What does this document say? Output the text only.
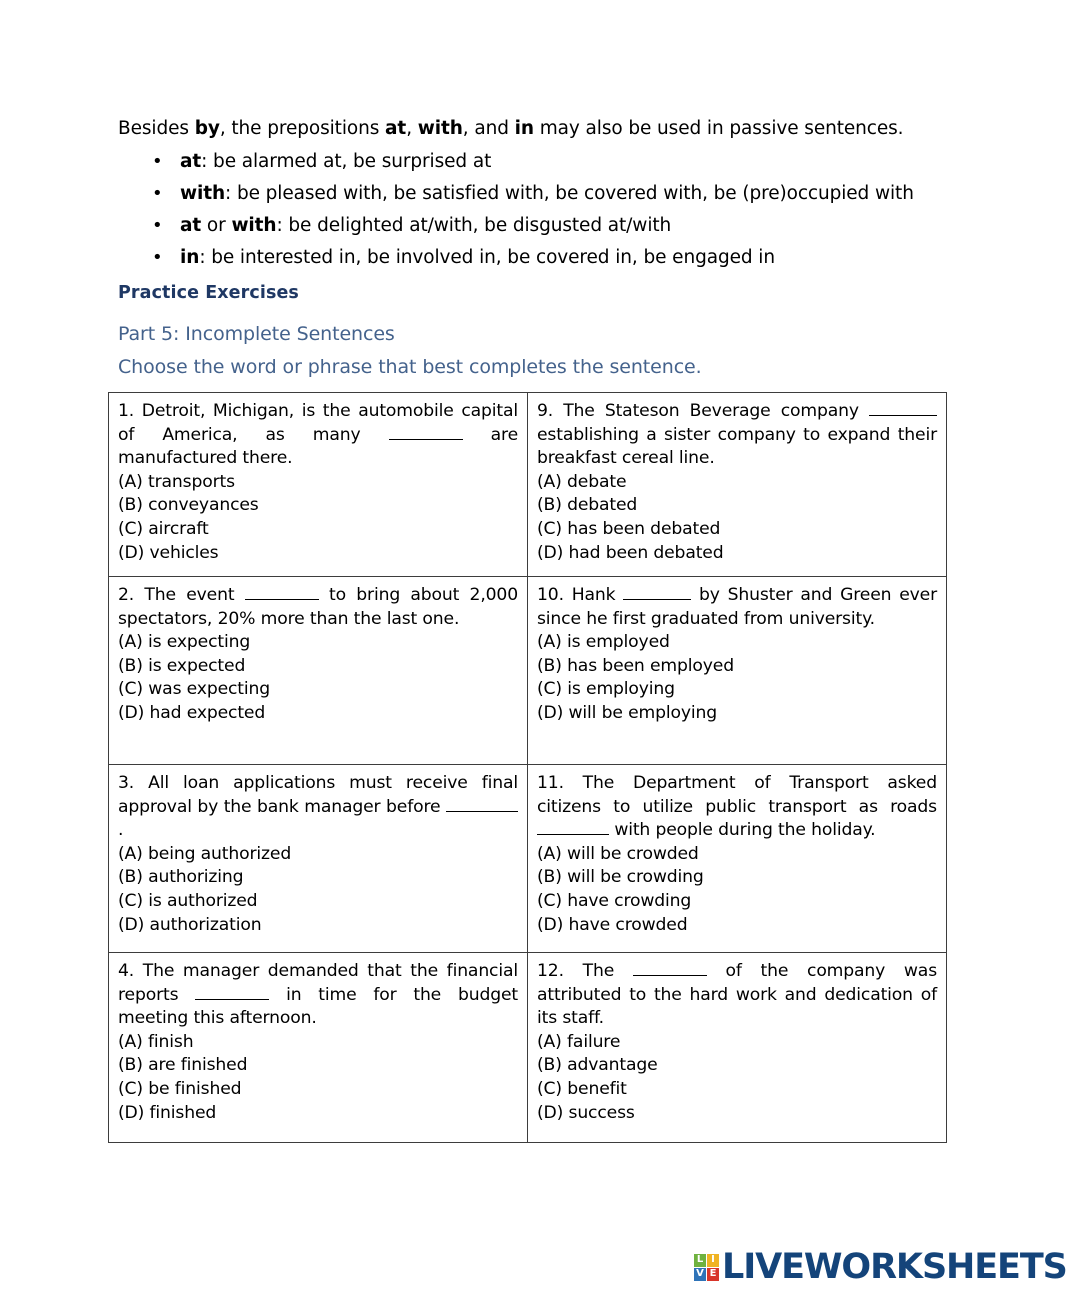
Besides by, the prepositions at, with, and in may also be used in passive sentences.
• at: be alarmed at, be surprised at
• with: be pleased with, be satisfied with, be covered with, be (pre)occupied with
• at or with: be delighted at/with, be disgusted at/with
• in: be interested in, be involved in, be covered in, be engaged in
Practice Exercises
Part 5: Incomplete Sentences
Choose the word or phrase that best completes the sentence.
1. Detroit, Michigan, is the automobile capital of America, as many	are manufactured there.
(A) transports
(B) conveyances
(C) aircraft
(D) vehicles

9. The Stateson Beverage company  establishing a sister company to expand their breakfast cereal line.
(A) debate
(B) debated
(C) has been debated
(D) had been debated

2. The event	to bring about 2,000 spectators, 20% more than the last one.
(A) is expecting
(B) is expected
(C) was expecting
(D) had expected

10. Hank	by Shuster and Green ever since he first graduated from university.
(A) is employed
(B) has been employed
(C) is employing
(D) will be employing

3. All loan applications must receive final approval by the bank manager before .
(A) being authorized
(B) authorizing
(C) is authorized
(D) authorization

11. The Department of Transport asked citizens to utilize public transport as roads  with people during the holiday.
(A) will be crowded
(B) will be crowding
(C) have crowding
(D) have crowded

4. The manager demanded that the financial reports	in time for the budget meeting this afternoon.
(A) finish
(B) are finished
(C) be finished
(D) finished

12. The	of the company was attributed to the hard work and dedication of its staff.
(A) failure
(B) advantage
(C) benefit
(D) success
L I
V E LIVEWORKSHEETS
